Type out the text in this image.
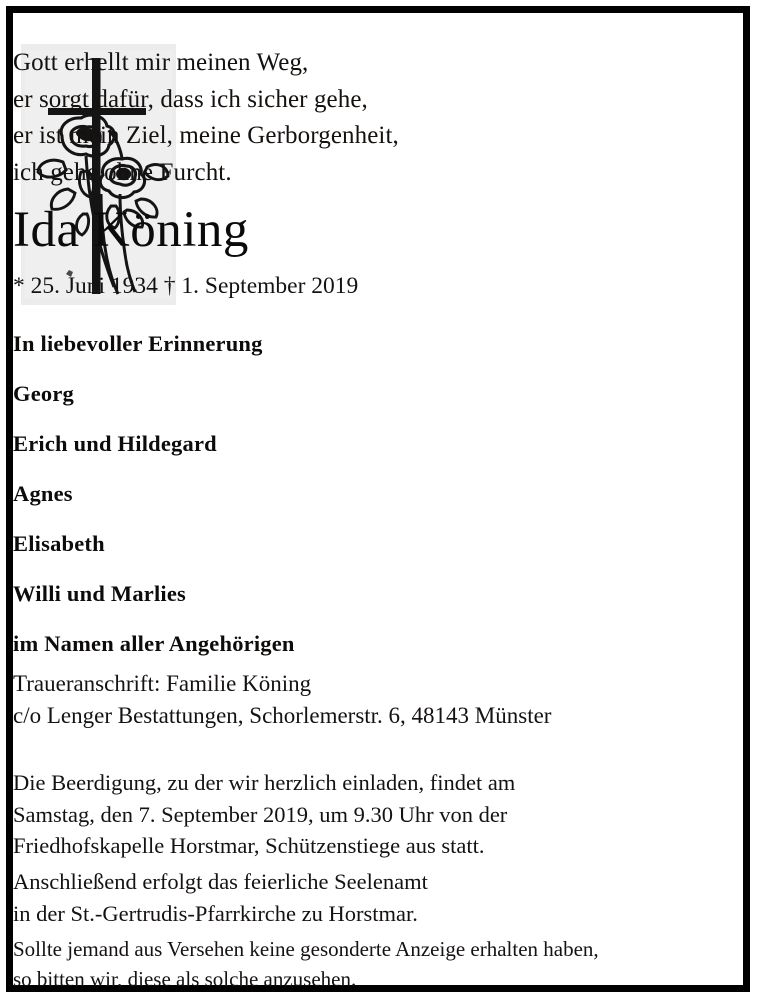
Gott erhellt mir meinen Weg,
er sorgt dafür, dass ich sicher gehe,
er ist mein Ziel, meine Gerborgenheit,
ich gehe ohne Furcht.
Ida Köning
* 25. Juni 1934 † 1. September 2019
In liebevoller Erinnerung
Georg
Erich und Hildegard
Agnes
Elisabeth
Willi und Marlies
im Namen aller Angehörigen
Traueranschrift: Familie Köning
c/o Lenger Bestattungen, Schorlemerstr. 6, 48143 Münster
Die Beerdigung, zu der wir herzlich einladen, findet am
Samstag, den 7. September 2019, um 9.30 Uhr von der
Friedhofskapelle Horstmar, Schützenstiege aus statt.
Anschließend erfolgt das feierliche Seelenamt
in der St.-Gertrudis-Pfarrkirche zu Horstmar.
Sollte jemand aus Versehen keine gesonderte Anzeige erhalten haben,
so bitten wir, diese als solche anzusehen.
